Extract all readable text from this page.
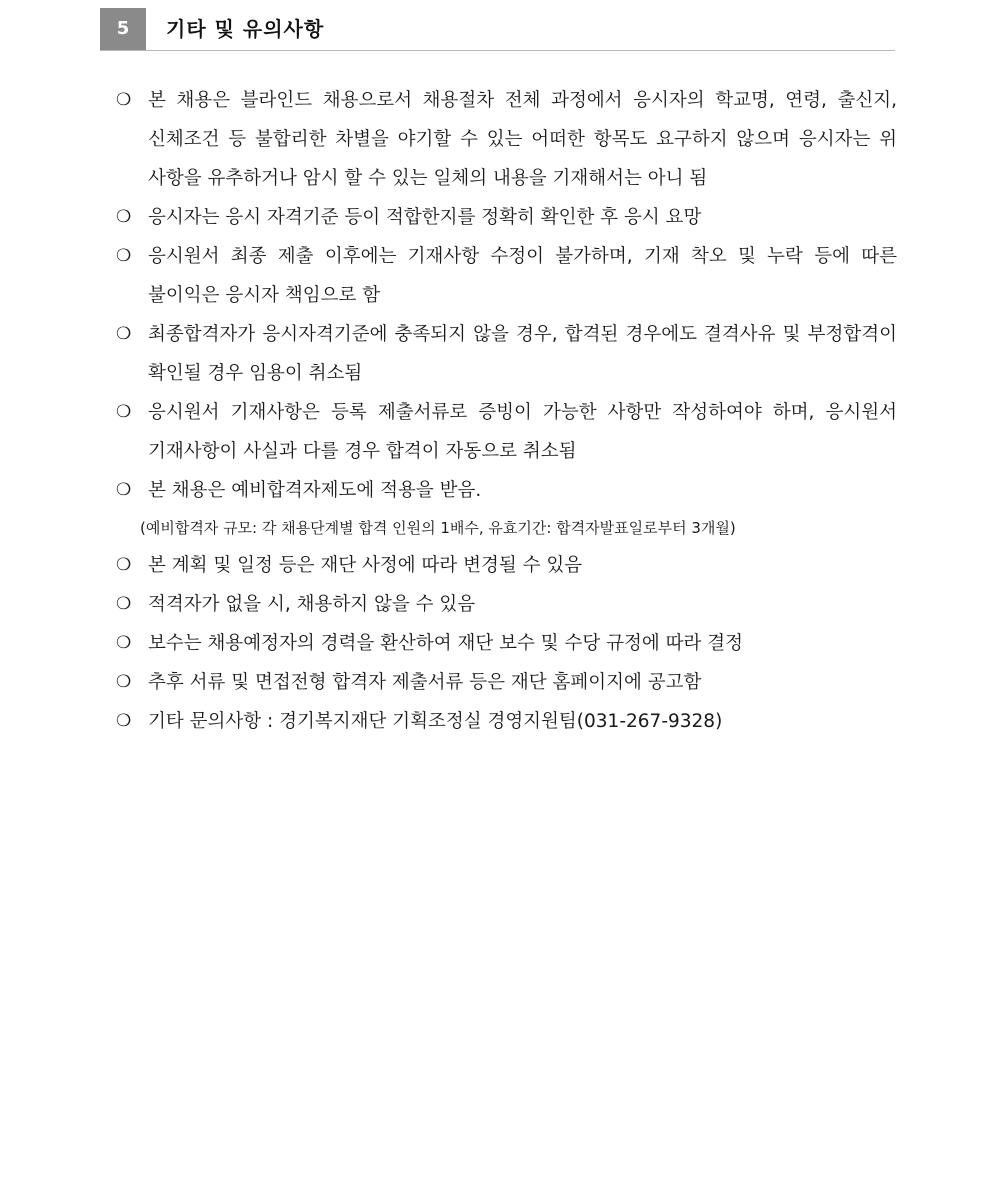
5	기타 및 유의사항
❍ 본 채용은 블라인드 채용으로서 채용절차 전체 과정에서 응시자의 학교명, 연령, 출신지, 신체조건 등 불합리한 차별을 야기할 수 있는 어떠한 항목도 요구하지 않으며 응시자는 위 사항을 유추하거나 암시 할 수 있는 일체의 내용을 기재해서는 아니 됨
❍ 응시자는 응시 자격기준 등이 적합한지를 정확히 확인한 후 응시 요망
❍ 응시원서 최종 제출 이후에는 기재사항 수정이 불가하며, 기재 착오 및 누락 등에 따른 불이익은 응시자 책임으로 함
❍ 최종합격자가 응시자격기준에 충족되지 않을 경우, 합격된 경우에도 결격사유 및 부정합격이 확인될 경우 임용이 취소됨
❍ 응시원서 기재사항은 등록 제출서류로 증빙이 가능한 사항만 작성하여야 하며, 응시원서 기재사항이 사실과 다를 경우 합격이 자동으로 취소됨
❍ 본 채용은 예비합격자제도에 적용을 받음.
(예비합격자 규모: 각 채용단계별 합격 인원의 1배수, 유효기간: 합격자발표일로부터 3개월)
❍ 본 계획 및 일정 등은 재단 사정에 따라 변경될 수 있음
❍ 적격자가 없을 시, 채용하지 않을 수 있음
❍ 보수는 채용예정자의 경력을 환산하여 재단 보수 및 수당 규정에 따라 결정
❍ 추후 서류 및 면접전형 합격자 제출서류 등은 재단 홈페이지에 공고함
❍ 기타 문의사항 : 경기복지재단 기획조정실 경영지원팀(031-267-9328)
